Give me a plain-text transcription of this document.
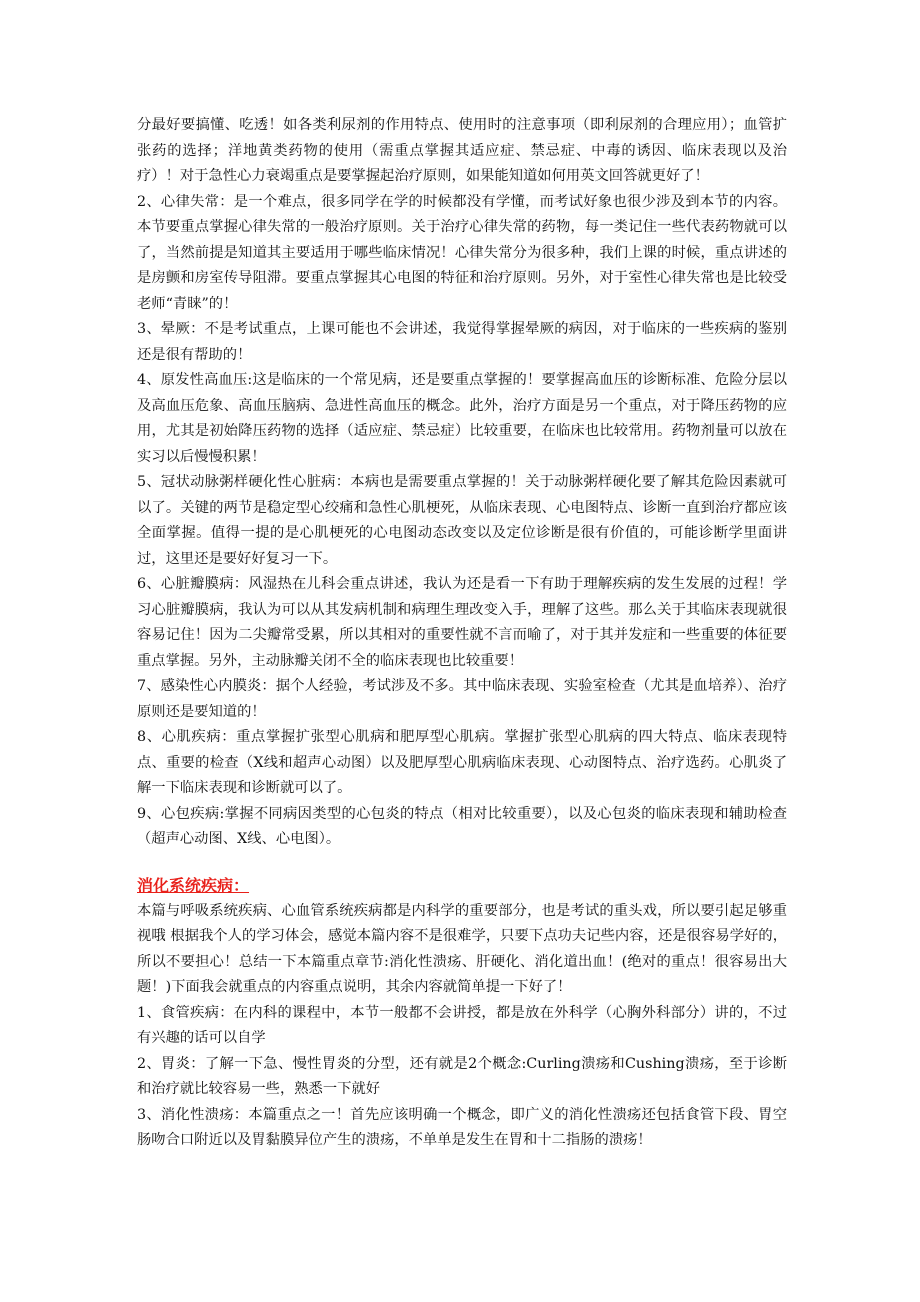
分最好要搞懂、吃透！如各类利尿剂的作用特点、使用时的注意事项（即利尿剂的合理应用）；血管扩张药的选择；洋地黄类药物的使用（需重点掌握其适应症、禁忌症、中毒的诱因、临床表现以及治疗）！对于急性心力衰竭重点是要掌握起治疗原则，如果能知道如何用英文回答就更好了！

2、心律失常：是一个难点，很多同学在学的时候都没有学懂，而考试好象也很少涉及到本节的内容。本节要重点掌握心律失常的一般治疗原则。关于治疗心律失常的药物，每一类记住一些代表药物就可以了，当然前提是知道其主要适用于哪些临床情况！心律失常分为很多种，我们上课的时候，重点讲述的是房颤和房室传导阻滞。要重点掌握其心电图的特征和治疗原则。另外，对于室性心律失常也是比较受老师“青睐”的！

3、晕厥：不是考试重点，上课可能也不会讲述，我觉得掌握晕厥的病因，对于临床的一些疾病的鉴别还是很有帮助的！

4、原发性高血压:这是临床的一个常见病，还是要重点掌握的！要掌握高血压的诊断标准、危险分层以及高血压危象、高血压脑病、急进性高血压的概念。此外，治疗方面是另一个重点，对于降压药物的应用，尤其是初始降压药物的选择（适应症、禁忌症）比较重要，在临床也比较常用。药物剂量可以放在实习以后慢慢积累！

5、冠状动脉粥样硬化性心脏病：本病也是需要重点掌握的！关于动脉粥样硬化要了解其危险因素就可以了。关键的两节是稳定型心绞痛和急性心肌梗死，从临床表现、心电图特点、诊断一直到治疗都应该全面掌握。值得一提的是心肌梗死的心电图动态改变以及定位诊断是很有价值的，可能诊断学里面讲过，这里还是要好好复习一下。

6、心脏瓣膜病：风湿热在儿科会重点讲述，我认为还是看一下有助于理解疾病的发生发展的过程！学习心脏瓣膜病，我认为可以从其发病机制和病理生理改变入手，理解了这些。那么关于其临床表现就很容易记住！因为二尖瓣常受累，所以其相对的重要性就不言而喻了，对于其并发症和一些重要的体征要重点掌握。另外，主动脉瓣关闭不全的临床表现也比较重要！

7、感染性心内膜炎：据个人经验，考试涉及不多。其中临床表现、实验室检查（尤其是血培养）、治疗原则还是要知道的！

8、心肌疾病：重点掌握扩张型心肌病和肥厚型心肌病。掌握扩张型心肌病的四大特点、临床表现特点、重要的检查（X线和超声心动图）以及肥厚型心肌病临床表现、心动图特点、治疗选药。心肌炎了解一下临床表现和诊断就可以了。

9、心包疾病:掌握不同病因类型的心包炎的特点（相对比较重要），以及心包炎的临床表现和辅助检查（超声心动图、X线、心电图）。

消化系统疾病：

本篇与呼吸系统疾病、心血管系统疾病都是内科学的重要部分，也是考试的重头戏，所以要引起足够重视哦 根据我个人的学习体会，感觉本篇内容不是很难学，只要下点功夫记些内容，还是很容易学好的，所以不要担心！总结一下本篇重点章节:消化性溃疡、肝硬化、消化道出血！(绝对的重点！很容易出大题！)下面我会就重点的内容重点说明，其余内容就简单提一下好了！

1、食管疾病：在内科的课程中，本节一般都不会讲授，都是放在外科学（心胸外科部分）讲的，不过有兴趣的话可以自学

2、胃炎：了解一下急、慢性胃炎的分型，还有就是2个概念:Curling溃疡和Cushing溃疡，至于诊断和治疗就比较容易一些，熟悉一下就好

3、消化性溃疡：本篇重点之一！首先应该明确一个概念，即广义的消化性溃疡还包括食管下段、胃空肠吻合口附近以及胃黏膜异位产生的溃疡，不单单是发生在胃和十二指肠的溃疡！
